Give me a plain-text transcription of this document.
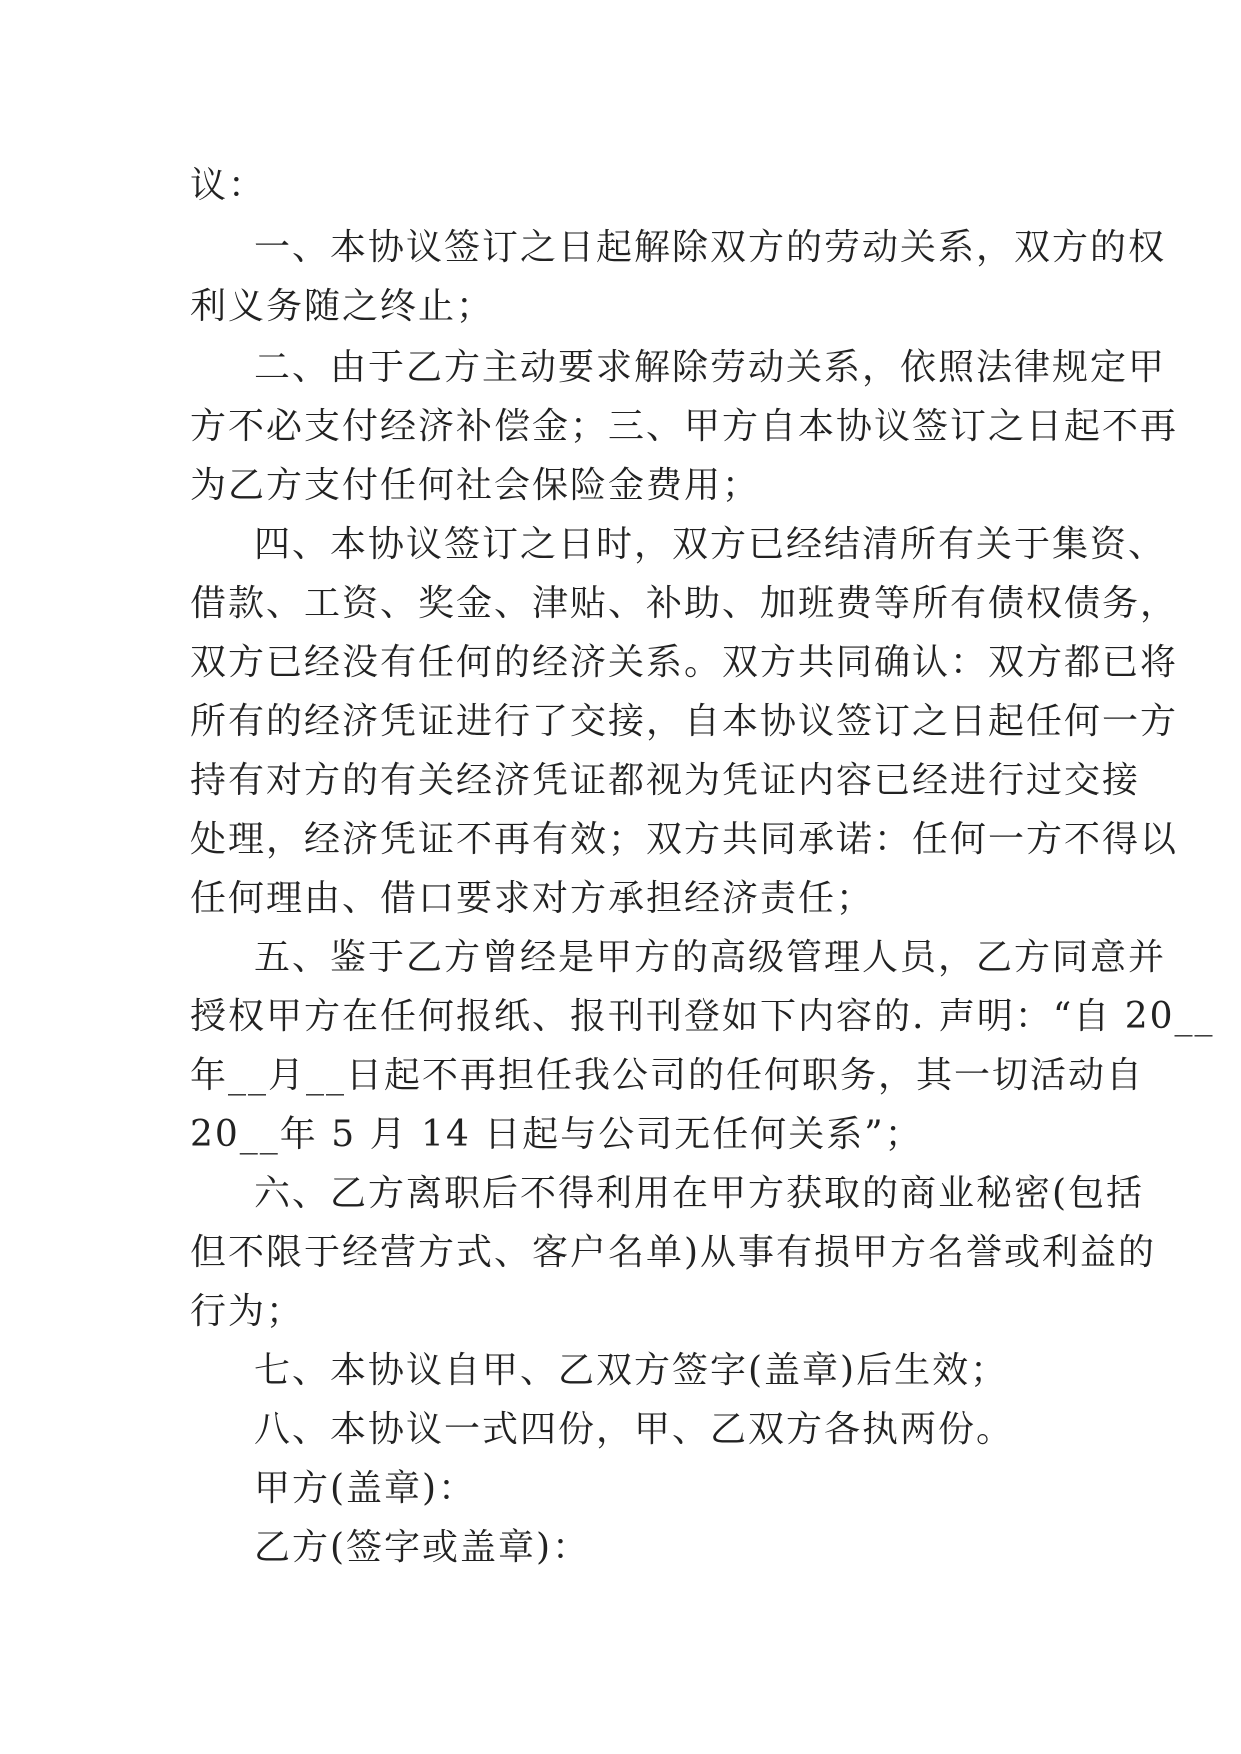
议：
一、本协议签订之日起解除双方的劳动关系，双方的权
利义务随之终止；
二、由于乙方主动要求解除劳动关系，依照法律规定甲
方不必支付经济补偿金；三、甲方自本协议签订之日起不再
为乙方支付任何社会保险金费用；
四、本协议签订之日时，双方已经结清所有关于集资、
借款、工资、奖金、津贴、补助、加班费等所有债权债务，
双方已经没有任何的经济关系。双方共同确认：双方都已将
所有的经济凭证进行了交接，自本协议签订之日起任何一方
持有对方的有关经济凭证都视为凭证内容已经进行过交接
处理，经济凭证不再有效；双方共同承诺：任何一方不得以
任何理由、借口要求对方承担经济责任；
五、鉴于乙方曾经是甲方的高级管理人员，乙方同意并
授权甲方在任何报纸、报刊刊登如下内容的. 声明：“自 20__
年__月__日起不再担任我公司的任何职务，其一切活动自
20__年 5 月 14 日起与公司无任何关系”；
六、乙方离职后不得利用在甲方获取的商业秘密(包括
但不限于经营方式、客户名单)从事有损甲方名誉或利益的
行为；
七、本协议自甲、乙双方签字(盖章)后生效；
八、本协议一式四份，甲、乙双方各执两份。
甲方(盖章)：
乙方(签字或盖章)：
